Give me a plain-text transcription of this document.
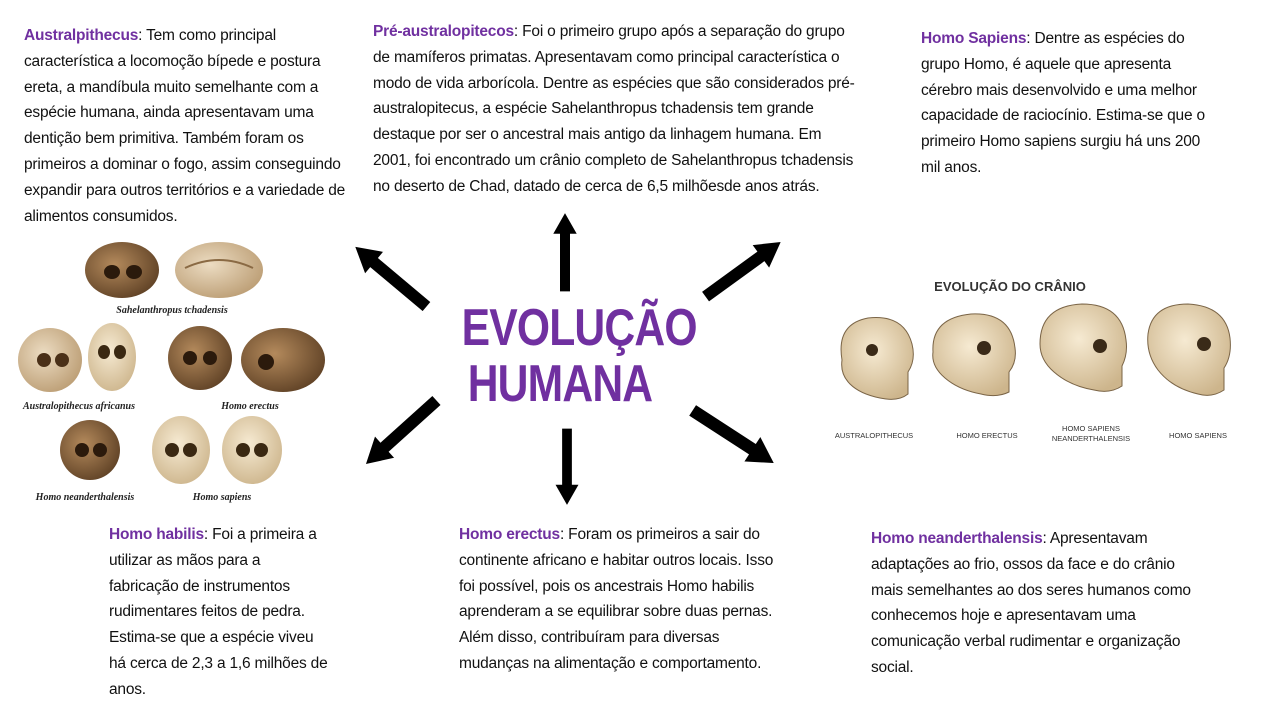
Australpithecus: Tem como principal característica a locomoção bípede e postura ereta, a mandíbula muito semelhante com a espécie humana, ainda apresentavam uma dentição bem primitiva. Também foram os primeiros a dominar o fogo, assim conseguindo expandir para outros territórios e a variedade de alimentos consumidos.
Pré-australopitecos: Foi o primeiro grupo após a separação do grupo de mamíferos primatas. Apresentavam como principal característica o modo de vida arborícola. Dentre as espécies que são considerados pré-australopitecus, a espécie Sahelanthropus tchadensis tem grande destaque por ser o ancestral mais antigo da linhagem humana. Em 2001, foi encontrado um crânio completo de Sahelanthropus tchadensis no deserto de Chad, datado de cerca de 6,5 milhõesde anos atrás.
Homo Sapiens: Dentre as espécies do grupo Homo, é aquele que apresenta cérebro mais desenvolvido e uma melhor capacidade de raciocínio. Estima-se que o primeiro Homo sapiens surgiu há uns 200 mil anos.
Homo habilis: Foi a primeira a utilizar as mãos para a fabricação de instrumentos rudimentares feitos de pedra. Estima-se que a espécie viveu há cerca de 2,3 a 1,6 milhões de anos.
Homo erectus: Foram os primeiros a sair do continente africano e habitar outros locais. Isso foi possível, pois os ancestrais Homo habilis aprenderam a se equilibrar sobre duas pernas. Além disso, contribuíram para diversas mudanças na alimentação e comportamento.
Homo neanderthalensis: Apresentavam adaptações ao frio, ossos da face e do crânio mais semelhantes ao dos seres humanos como conhecemos hoje e apresentavam uma comunicação verbal rudimentar e organização social.
EVOLUÇÃO
HUMANA
Sahelanthropus tchadensis
Australopithecus africanus	Homo erectus
Homo neanderthalensis	Homo sapiens
EVOLUÇÃO DO CRÂNIO
AUSTRALOPITHECUS	HOMO ERECTUS
HOMO SAPIENS
NEANDERTHALENSIS	HOMO SAPIENS
